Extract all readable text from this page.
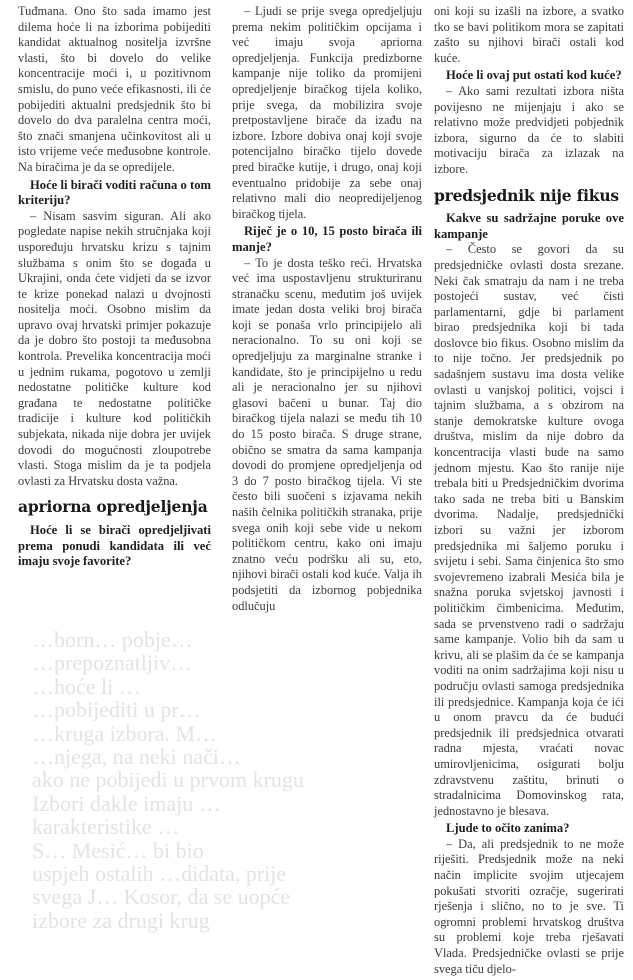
…born… pobje…

…prepoznatljiv…

…hoće li …

…pobijediti u pr…

…kruga izbora. M…

…njega, na neki nači…

ako ne pobijedi u prvom krugu

Izbori dakle imaju …

karakteristike …

S… Mesić… bi bio

uspjeh ostalih …didata, prije

svega J… Kosor, da se uopće

izbore za drugi krug

Tuđmana. Ono što sada imamo jest dilema hoće li na izborima pobijediti kandidat aktualnog nositelja izvršne vlasti, što bi dovelo do velike koncentracije moći i, u pozitivnom smislu, do puno veće efikasnosti, ili će pobijediti aktualni predsjednik što bi dovelo do dva paralelna centra moći, što znači smanjena učinkovitost ali u isto vrijeme veće međusobne kontrole. Na biračima je da se opredijele.

Hoće li birači voditi računa o tom kriteriju?

– Nisam sasvim siguran. Ali ako pogledate napise nekih stručnjaka koji uspoređuju hrvatsku krizu s tajnim službama s onim što se događa u Ukrajini, onda ćete vidjeti da se izvor te krize ponekad nalazi u dvojnosti nositelja moći. Osobno mislim da upravo ovaj hrvatski primjer pokazuje da je dobro što postoji ta međusobna kontrola. Prevelika koncentracija moći u jednim rukama, pogotovo u zemlji nedostatne političke kulture kod građana te nedostatne političke tradicije i kulture kod političkih subjekata, nikada nije dobra jer uvijek dovodi do mogućnosti zloupotrebe vlasti. Stoga mislim da je ta podjela ovlasti za Hrvatsku dosta važna.

apriorna opredjeljenja

Hoće li se birači opredjeljivati prema ponudi kandidata ili već imaju svoje favorite?

– Ljudi se prije svega opredjeljuju prema nekim političkim opcijama i već imaju svoja apriorna opredjeljenja. Funkcija predizborne kampanje nije toliko da promijeni opredjeljenje biračkog tijela koliko, prije svega, da mobilizira svoje pretpostavljene birače da izađu na izbore. Izbore dobiva onaj koji svoje potencijalno biračko tijelo dovede pred biračke kutije, i drugo, onaj koji eventualno pridobije za sebe onaj relativno mali dio neopredijeljenog biračkog tijela.

Riječ je o 10, 15 posto birača ili manje?

– To je dosta teško reći. Hrvatska već ima uspostavljenu strukturiranu stranačku scenu, međutim još uvijek imate jedan dosta veliki broj birača koji se ponaša vrlo principijelo ali neracionalno. To su oni koji se opredjeljuju za marginalne stranke i kandidate, što je principijelno u redu ali je neracionalno jer su njihovi glasovi bačeni u bunar. Taj dio biračkog tijela nalazi se među tih 10 do 15 posto birača. S druge strane, obično se smatra da sama kampanja dovodi do promjene opredjeljenja od 3 do 7 posto biračkog tijela. Vi ste često bili suočeni s izjavama nekih naših čelnika političkih stranaka, prije svega onih koji sebe vide u nekom političkom centru, kako oni imaju znatno veću podršku ali su, eto, njihovi birači ostali kod kuće. Valja ih podsjetiti da izbornog pobjednika odlučuju

oni koji su izašli na izbore, a svatko tko se bavi politikom mora se zapitati zašto su njihovi birači ostali kod kuće.

Hoće li ovaj put ostati kod kuće?

– Ako sami rezultati izbora ništa povijesno ne mijenjaju i ako se relativno može predvidjeti pobjednik izbora, sigurno da će to slabiti motivaciju birača za izlazak na izbore.

predsjednik nije fikus

Kakve su sadržajne poruke ove kampanje

– Često se govori da su predsjedničke ovlasti dosta srezane. Neki čak smatraju da nam i ne treba postojeći sustav, već čisti parlamentarni, gdje bi parlament birao predsjednika koji bi tada doslovce bio fikus. Osobno mislim da to nije točno. Jer predsjednik po sadašnjem sustavu ima dosta velike ovlasti u vanjskoj politici, vojsci i tajnim službama, a s obzirom na stanje demokratske kulture ovoga društva, mislim da nije dobro da koncentracija vlasti bude na samo jednom mjestu. Kao što ranije nije trebala biti u Predsjedničkim dvorima tako sada ne treba biti u Banskim dvorima. Nadalje, predsjednički izbori su važni jer izborom predsjednika mi šaljemo poruku i svijetu i sebi. Sama činjenica što smo svojevremeno izabrali Mesića bila je snažna poruka svjetskoj javnosti i političkim čimbenicima. Međutim, sada se prvenstveno radi o sadržaju same kampanje. Volio bih da sam u krivu, ali se plašim da će se kampanja voditi na onim sadržajima koji nisu u području ovlasti samoga predsjednika ili predsjednice. Kampanja koja će ići u onom pravcu da će budući predsjednik ili predsjednica otvarati radna mjesta, vraćati novac umirovljenicima, osigurati bolju zdravstvenu zaštitu, brinuti o stradalnicima Domovinskog rata, jednostavno je blesava.

Ljude to očito zanima?

– Da, ali predsjednik to ne može riješiti. Predsjednik može na neki način implicite svojim utjecajem pokušati stvoriti ozračje, sugerirati rješenja i slično, no to je sve. Ti ogromni problemi hrvatskog društva su problemi koje treba rješavati Vlada. Predsjedničke ovlasti se prije svega tiču djelo-
